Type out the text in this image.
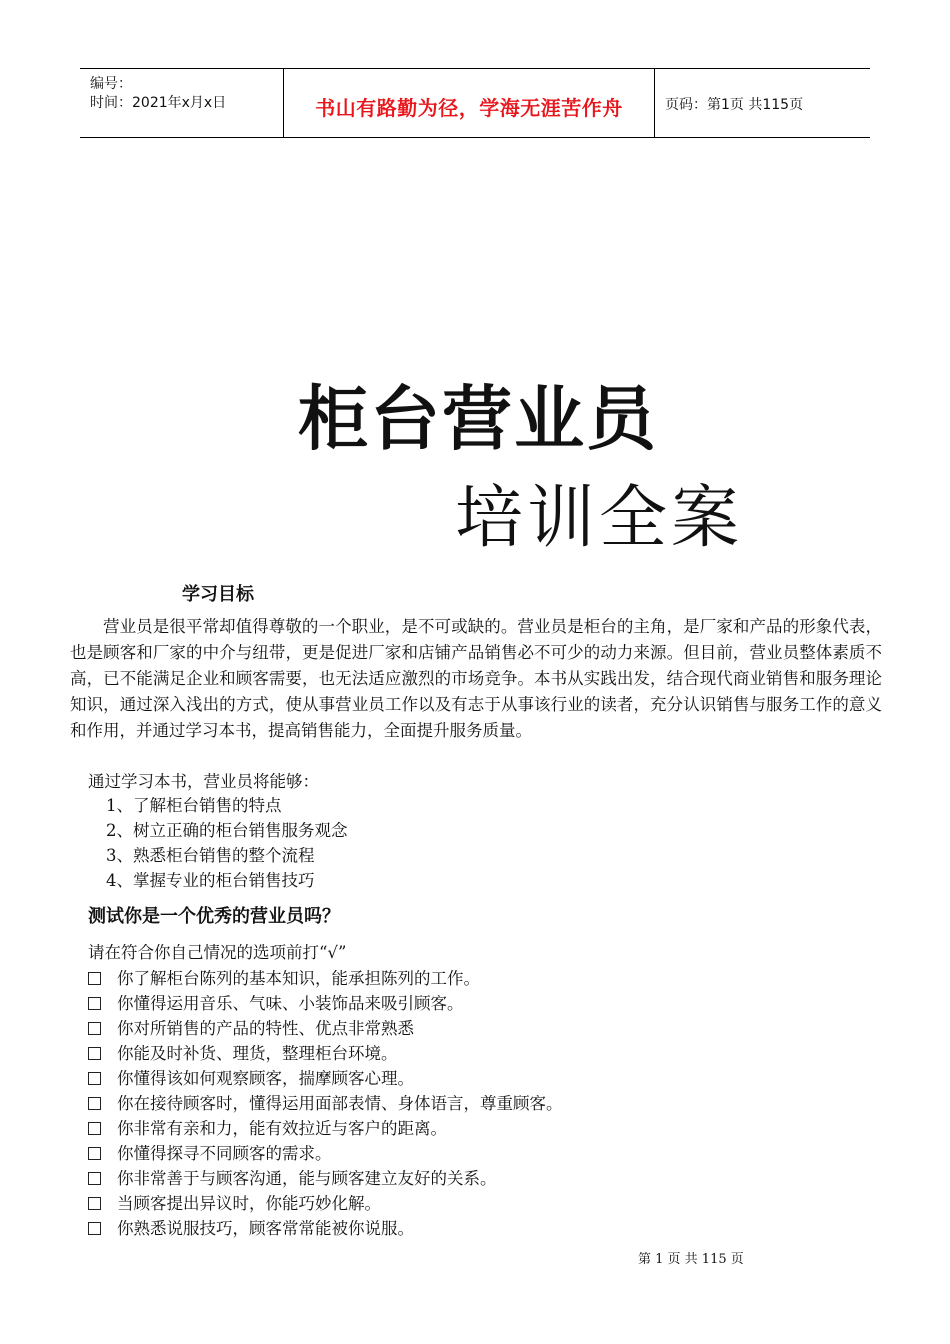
编号：
时间：2021年x月x日	书山有路勤为径，学海无涯苦作舟	页码：第1页 共115页
柜台营业员
培训全案
学习目标
营业员是很平常却值得尊敬的一个职业，是不可或缺的。营业员是柜台的主角，是厂家和产品的形象代表，也是顾客和厂家的中介与纽带，更是促进厂家和店铺产品销售必不可少的动力来源。但目前，营业员整体素质不高，已不能满足企业和顾客需要，也无法适应激烈的市场竞争。本书从实践出发，结合现代商业销售和服务理论知识，通过深入浅出的方式，使从事营业员工作以及有志于从事该行业的读者，充分认识销售与服务工作的意义和作用，并通过学习本书，提高销售能力，全面提升服务质量。
通过学习本书，营业员将能够：
1、了解柜台销售的特点
2、树立正确的柜台销售服务观念
3、熟悉柜台销售的整个流程
4、掌握专业的柜台销售技巧
测试你是一个优秀的营业员吗？
请在符合你自己情况的选项前打“√”
你了解柜台陈列的基本知识，能承担陈列的工作。
你懂得运用音乐、气味、小装饰品来吸引顾客。
你对所销售的产品的特性、优点非常熟悉
你能及时补货、理货，整理柜台环境。
你懂得该如何观察顾客，揣摩顾客心理。
你在接待顾客时，懂得运用面部表情、身体语言，尊重顾客。
你非常有亲和力，能有效拉近与客户的距离。
你懂得探寻不同顾客的需求。
你非常善于与顾客沟通，能与顾客建立友好的关系。
当顾客提出异议时，你能巧妙化解。
你熟悉说服技巧，顾客常常能被你说服。
第 1 页 共 115 页
